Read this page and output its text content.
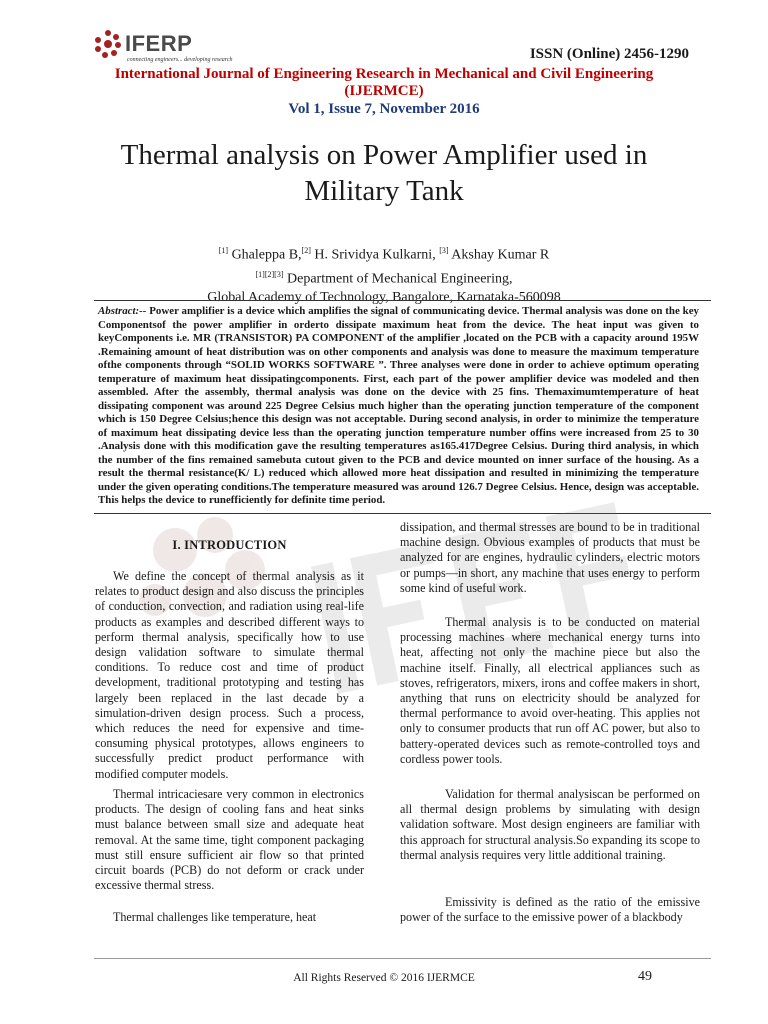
IFERP
connecting engineers... developing research	ISSN (Online) 2456-1290
International Journal of Engineering Research in Mechanical and Civil Engineering
(IJERMCE)
Vol 1, Issue 7, November 2016
Thermal analysis on Power Amplifier used in
Military Tank
[1] Ghaleppa B,[2] H. Srividya Kulkarni, [3] Akshay Kumar R
[1][2][3] Department of Mechanical Engineering,
Global Academy of Technology, Bangalore, Karnataka-560098
Abstract:-- Power amplifier is a device which amplifies the signal of communicating device. Thermal analysis was done on the key Componentsof the power amplifier in orderto dissipate maximum heat from the device. The heat input was given to keyComponents i.e. MR (TRANSISTOR) PA COMPONENT of the amplifier ,located on the PCB with a capacity around 195W .Remaining amount of heat distribution was on other components and analysis was done to measure the maximum temperature ofthe components through “SOLID WORKS SOFTWARE ”. Three analyses were done in order to achieve optimum operating temperature of maximum heat dissipatingcomponents. First, each part of the power amplifier device was modeled and then assembled. After the assembly, thermal analysis was done on the device with 25 fins. Themaximumtemperature of heat dissipating component was around 225 Degree Celsius much higher than the operating junction temperature of the component which is 150 Degree Celsius;hence this design was not acceptable. During second analysis, in order to minimize the temperature of maximum heat dissipating device less than the operating junction temperature number offins were increased from 25 to 30 .Analysis done with this modification gave the resulting temperatures as165.417Degree Celsius. During third analysis, in which the number of the fins remained samebuta cutout given to the PCB and device mounted on inner surface of the housing. As a result the thermal resistance(K/ L) reduced which allowed more heat dissipation and resulted in minimizing the temperature under the given operating conditions.The temperature measured was around 126.7 Degree Celsius. Hence, design was acceptable. This helps the device to runefficiently for definite time period.
I. INTRODUCTION

We define the concept of thermal analysis as it relates to product design and also discuss the principles of conduction, convection, and radiation using real-life products as examples and described different ways to perform thermal analysis, specifically how to use design validation software to simulate thermal conditions. To reduce cost and time of product development, traditional prototyping and testing has largely been replaced in the last decade by a simulation-driven design process. Such a process, which reduces the need for expensive and time-consuming physical prototypes, allows engineers to successfully predict product performance with modified computer models.

Thermal intricaciesare very common in electronics products. The design of cooling fans and heat sinks must balance between small size and adequate heat removal. At the same time, tight component packaging must still ensure sufficient air flow so that printed circuit boards (PCB) do not deform or crack under excessive thermal stress.

Thermal challenges like temperature, heat

dissipation, and thermal stresses are bound to be in traditional machine design. Obvious examples of products that must be analyzed for are engines, hydraulic cylinders, electric motors or pumps—in short, any machine that uses energy to perform some kind of useful work.

Thermal analysis is to be conducted on material processing machines where mechanical energy turns into heat, affecting not only the machine piece but also the machine itself. Finally, all electrical appliances such as stoves, refrigerators, mixers, irons and coffee makers in short, anything that runs on electricity should be analyzed for thermal performance to avoid over-heating. This applies not only to consumer products that run off AC power, but also to battery-operated devices such as remote-controlled toys and cordless power tools.

Validation for thermal analysiscan be performed on all thermal design problems by simulating with design validation software. Most design engineers are familiar with this approach for structural analysis.So expanding its scope to thermal analysis requires very little additional training.

Emissivity is defined as the ratio of the emissive power of the surface to the emissive power of a blackbody

All Rights Reserved © 2016 IJERMCE	49
